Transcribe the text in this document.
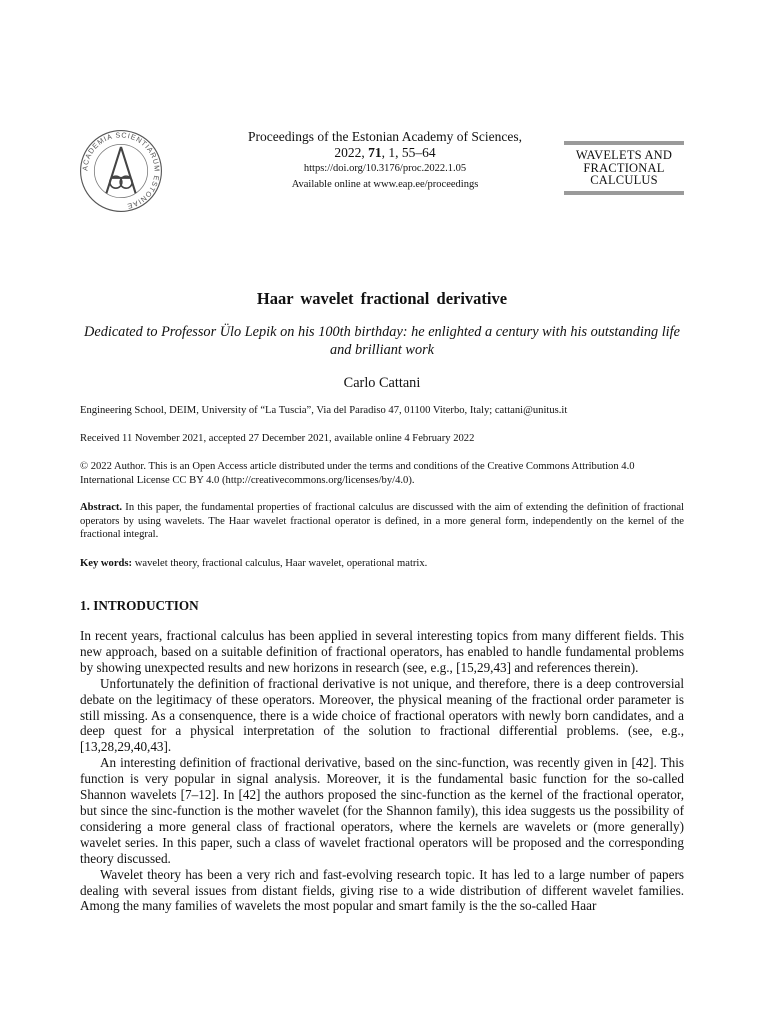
ACADEMIA SCIENTIARUM ESTONIAE
Proceedings of the Estonian Academy of Sciences,
2022, 71, 1, 55–64
https://doi.org/10.3176/proc.2022.1.05
Available online at www.eap.ee/proceedings
WAVELETS AND
FRACTIONAL
CALCULUS
Haar wavelet fractional derivative
Dedicated to Professor Ülo Lepik on his 100th birthday: he enlighted a century with his outstanding life and brilliant work
Carlo Cattani
Engineering School, DEIM, University of “La Tuscia”, Via del Paradiso 47, 01100 Viterbo, Italy; cattani@unitus.it
Received 11 November 2021, accepted 27 December 2021, available online 4 February 2022
© 2022 Author. This is an Open Access article distributed under the terms and conditions of the Creative Commons Attribution 4.0 International License CC BY 4.0 (http://creativecommons.org/licenses/by/4.0).
Abstract. In this paper, the fundamental properties of fractional calculus are discussed with the aim of extending the definition of fractional operators by using wavelets. The Haar wavelet fractional operator is defined, in a more general form, independently on the kernel of the fractional integral.
Key words: wavelet theory, fractional calculus, Haar wavelet, operational matrix.
1. INTRODUCTION

In recent years, fractional calculus has been applied in several interesting topics from many different fields. This new approach, based on a suitable definition of fractional operators, has enabled to handle fundamental problems by showing unexpected results and new horizons in research (see, e.g., [15,29,43] and references therein).

Unfortunately the definition of fractional derivative is not unique, and therefore, there is a deep controversial debate on the legitimacy of these operators. Moreover, the physical meaning of the fractional order parameter is still missing. As a consenquence, there is a wide choice of fractional operators with newly born candidates, and a deep quest for a physical interpretation of the solution to fractional differential problems. (see, e.g., [13,28,29,40,43].

An interesting definition of fractional derivative, based on the sinc-function, was recently given in [42]. This function is very popular in signal analysis. Moreover, it is the fundamental basic function for the so-called Shannon wavelets [7–12]. In [42] the authors proposed the sinc-function as the kernel of the fractional operator, but since the sinc-function is the mother wavelet (for the Shannon family), this idea suggests us the possibility of considering a more general class of fractional operators, where the kernels are wavelets or (more generally) wavelet series. In this paper, such a class of wavelet fractional operators will be proposed and the corresponding theory discussed.

Wavelet theory has been a very rich and fast-evolving research topic. It has led to a large number of papers dealing with several issues from distant fields, giving rise to a wide distribution of different wavelet families. Among the many families of wavelets the most popular and smart family is the the so-called Haar
